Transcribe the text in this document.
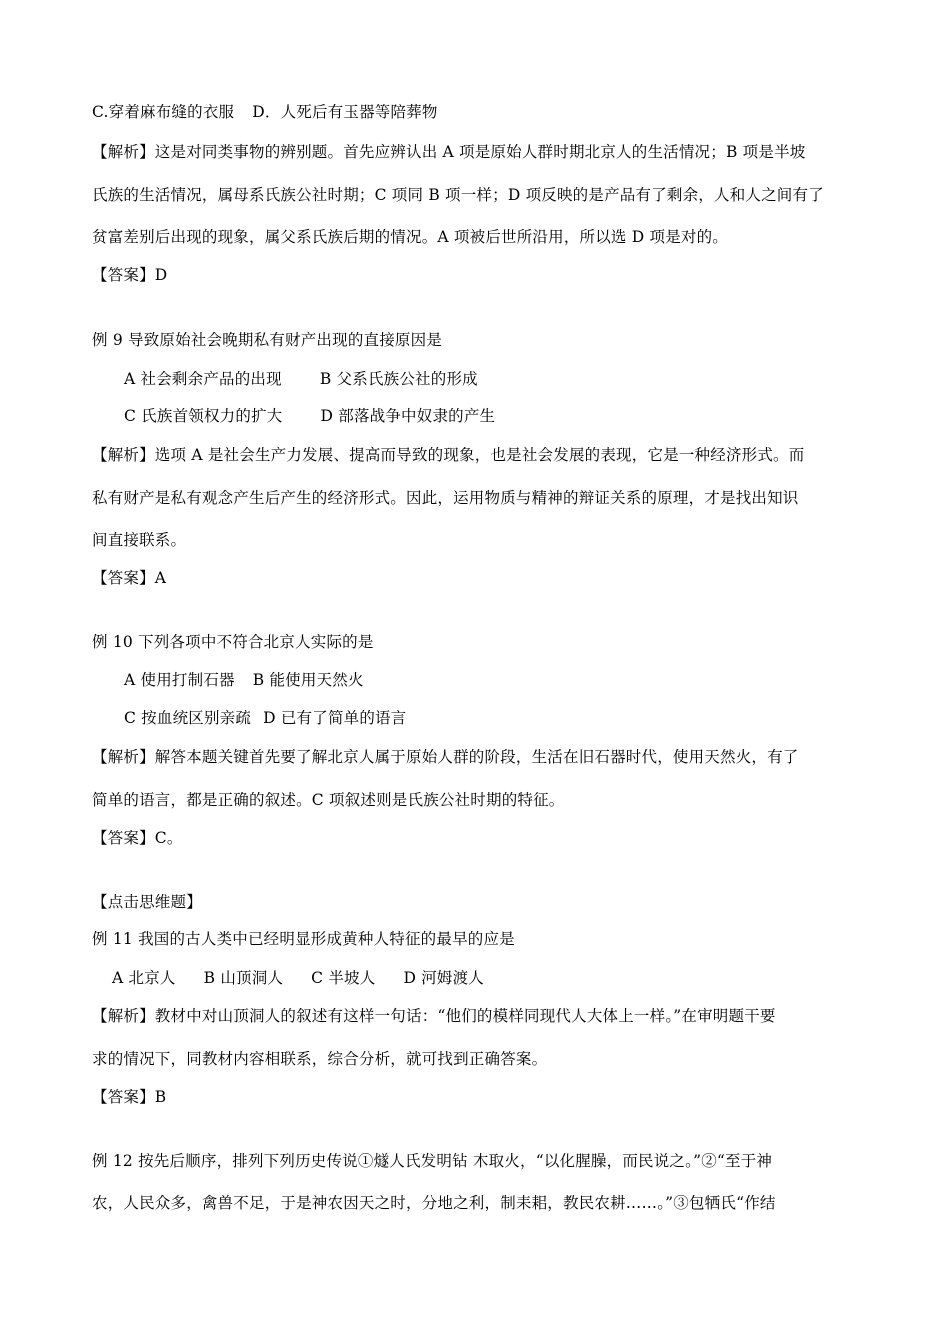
C.穿着麻布缝的衣服 D．人死后有玉器等陪葬物
【解析】这是对同类事物的辨别题。首先应辨认出 A 项是原始人群时期北京人的生活情况；B 项是半坡
氏族的生活情况，属母系氏族公社时期；C 项同 B 项一样；D 项反映的是产品有了剩余，人和人之间有了
贫富差别后出现的现象，属父系氏族后期的情况。A 项被后世所沿用，所以选 D 项是对的。
【答案】D
例 9 导致原始社会晚期私有财产出现的直接原因是
A 社会剩余产品的出现 B 父系氏族公社的形成
C 氏族首领权力的扩大 D 部落战争中奴隶的产生
【解析】选项 A 是社会生产力发展、提高而导致的现象，也是社会发展的表现，它是一种经济形式。而
私有财产是私有观念产生后产生的经济形式。因此，运用物质与精神的辩证关系的原理，才是找出知识
间直接联系。
【答案】A
例 10 下列各项中不符合北京人实际的是
A 使用打制石器 B 能使用天然火
C 按血统区别亲疏 D 已有了简单的语言
【解析】解答本题关键首先要了解北京人属于原始人群的阶段，生活在旧石器时代，使用天然火，有了
简单的语言，都是正确的叙述。C 项叙述则是氏族公社时期的特征。
【答案】C。
【点击思维题】
例 11 我国的古人类中已经明显形成黄种人特征的最早的应是
A 北京人 B 山顶洞人 C 半坡人 D 河姆渡人
【解析】教材中对山顶洞人的叙述有这样一句话：“他们的模样同现代人大体上一样。”在审明题干要
求的情况下，同教材内容相联系，综合分析，就可找到正确答案。
【答案】B
例 12 按先后顺序，排列下列历史传说①燧人氏发明钻 木取火，“以化腥臊，而民说之。”②“至于神
农，人民众多，禽兽不足，于是神农因天之时，分地之利，制耒耜，教民农耕……。”③包牺氏“作结
